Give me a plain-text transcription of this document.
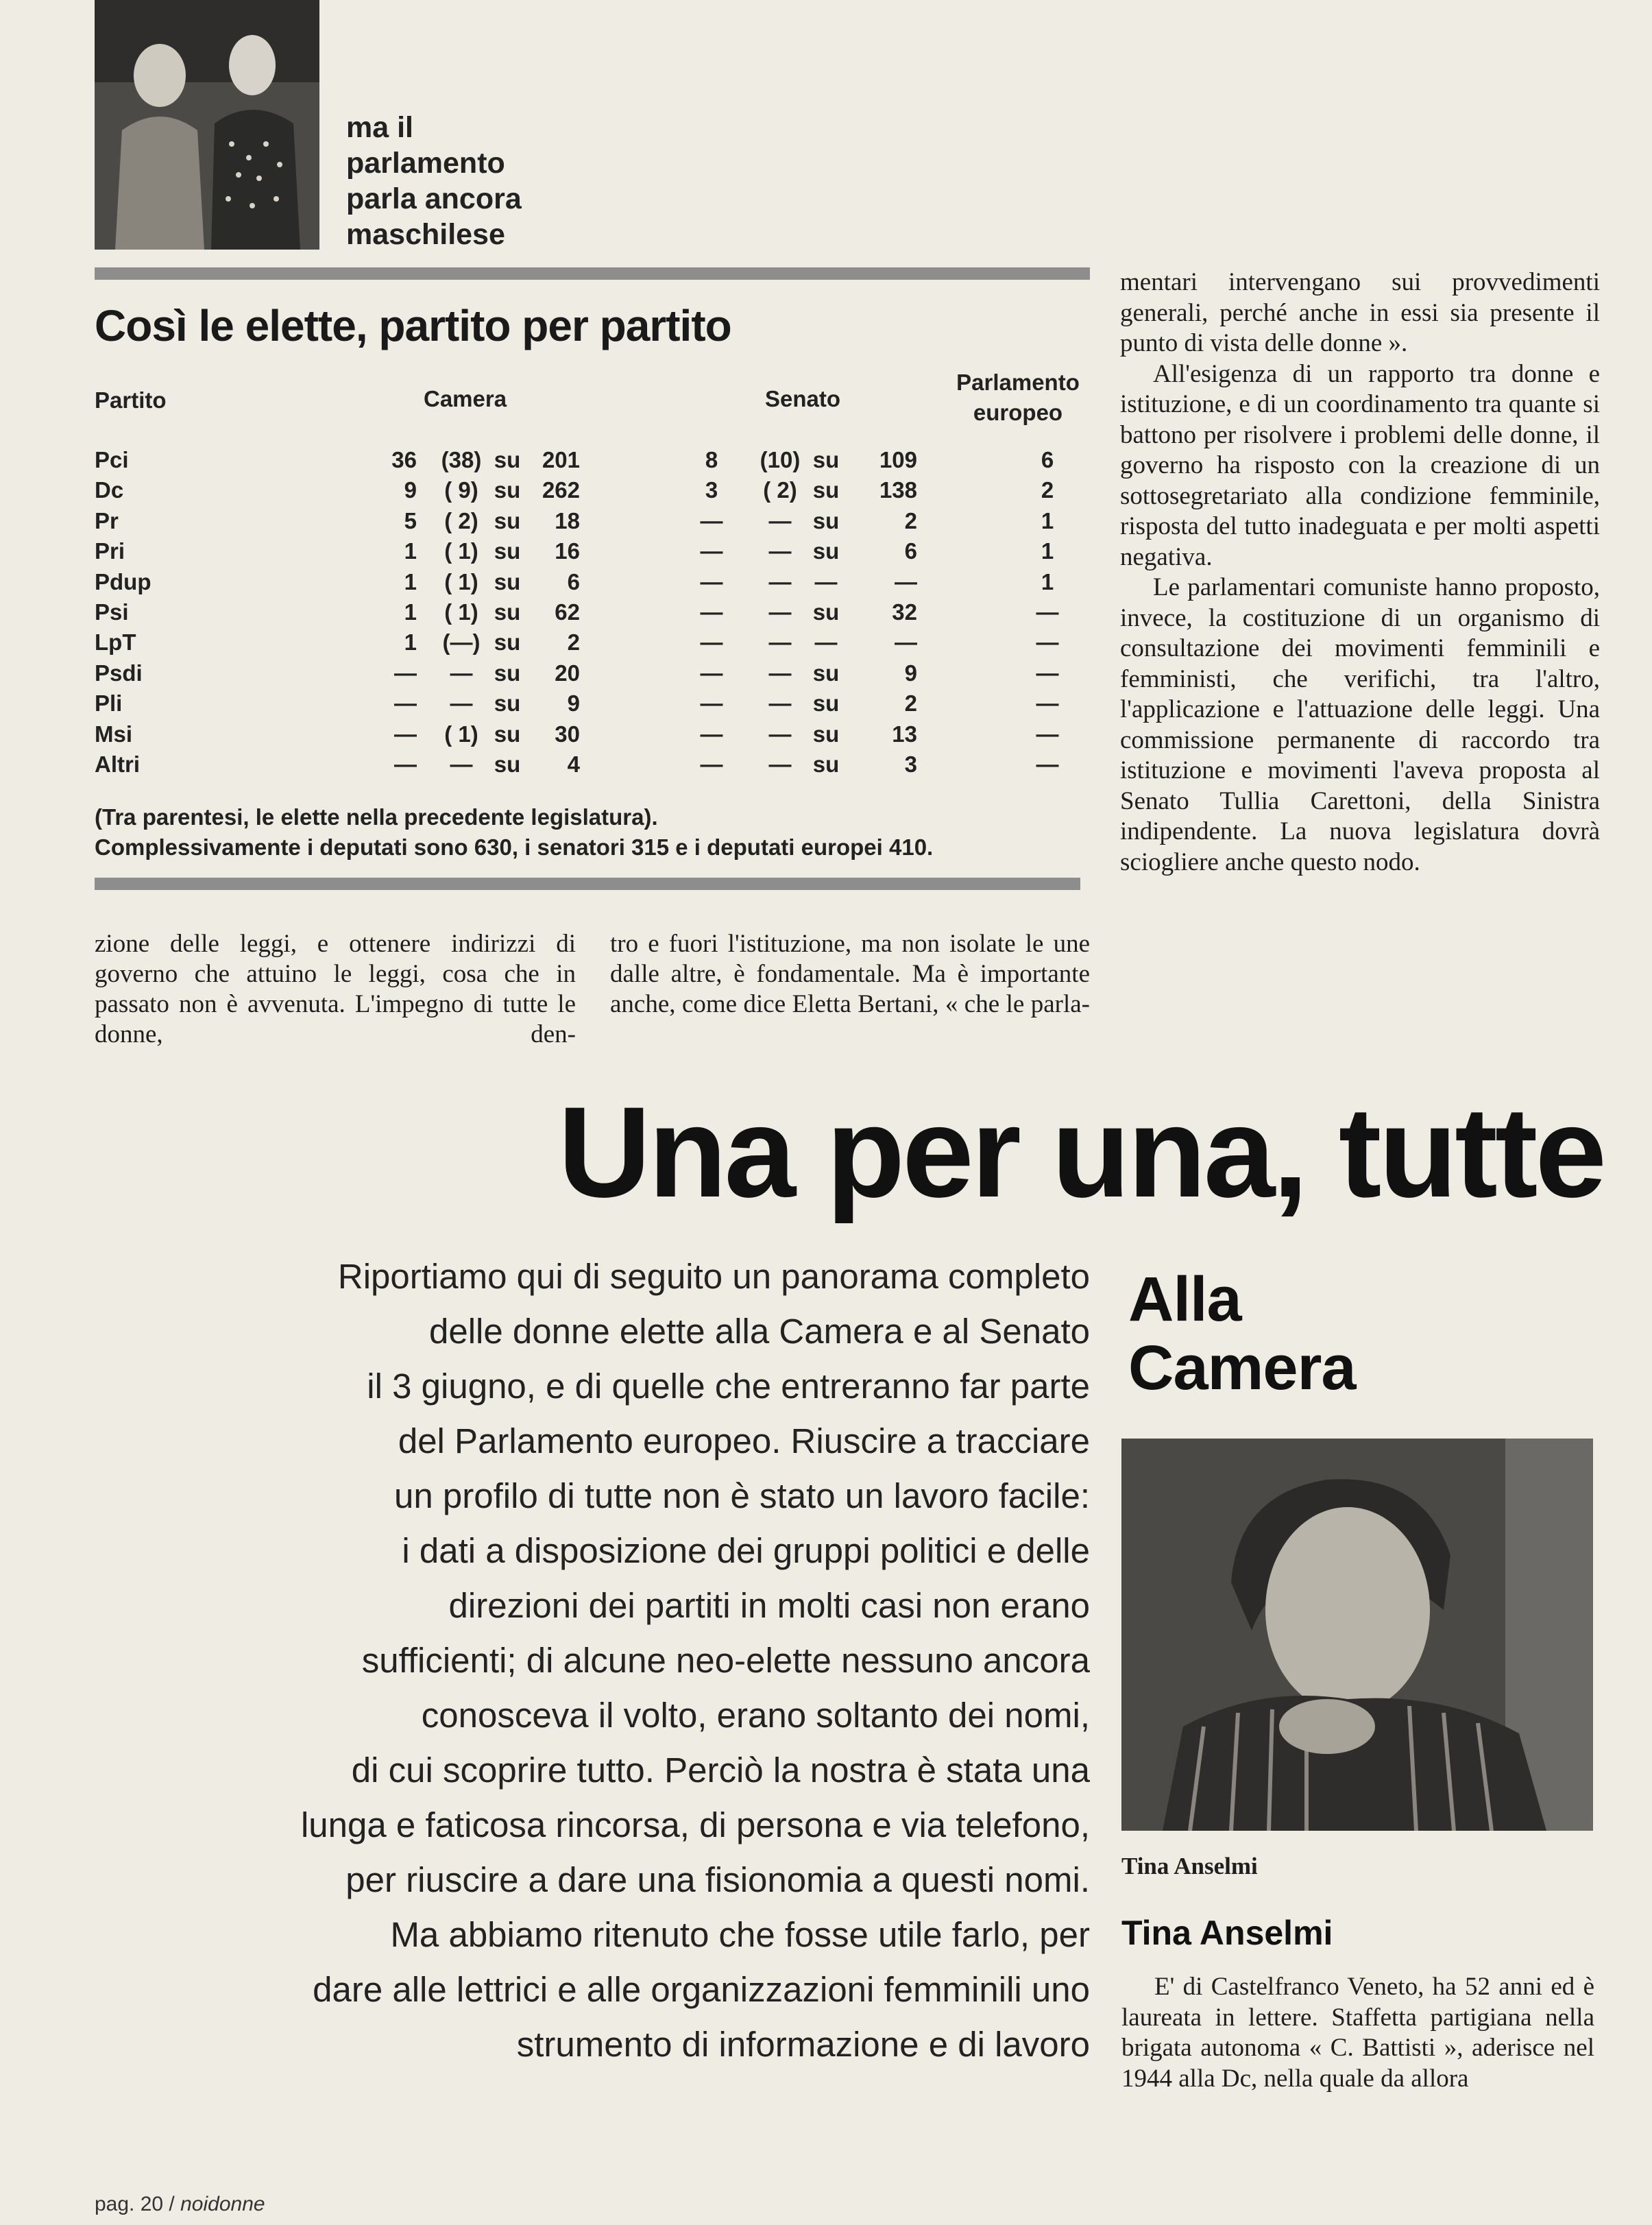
ma il
parlamento
parla ancora
maschilese
Così le elette, partito per partito
Partito	Camera	Senato
Parlamento
europeo
Pci	36	(38) su 201	8	(10) su	109	6
Dc	9	( 9) su 262	3	( 2) su	138	2
Pr	5	( 2) su	18	—	— su	2	1
Pri	1	( 1) su	16	—	— su	6	1
Pdup	1	( 1) su	6	—	—	—	—	1
Psi	1	( 1) su	62	—	— su	32	—
LpT	1	(—) su	2	—	—	—	—	—
Psdi	—	— su	20	—	— su	9	—
Pli	—	— su	9	—	— su	2	—
Msi	—	( 1) su	30	—	— su	13	—
Altri	—	— su	4	—	— su	3	—
(Tra parentesi, le elette nella precedente legislatura).
Complessivamente i deputati sono 630, i senatori 315 e i deputati europei 410.
zione delle leggi, e ottenere indirizzi di governo che attuino le leggi, cosa che in passato non è avvenuta. L'impegno di tutte le donne, den-
tro e fuori l'istituzione, ma non isolate le une dalle altre, è fondamentale. Ma è importante anche, come dice Eletta Bertani, « che le parla-

mentari intervengano sui provvedimenti generali, perché anche in essi sia presente il punto di vista delle donne ».

All'esigenza di un rapporto tra donne e istituzione, e di un coordinamento tra quante si battono per risolvere i problemi delle donne, il governo ha risposto con la creazione di un sottosegretariato alla condizione femminile, risposta del tutto inadeguata e per molti aspetti negativa.

Le parlamentari comuniste hanno proposto, invece, la costituzione di un organismo di consultazione dei movimenti femminili e femministi, che verifichi, tra l'altro, l'applicazione e l'attuazione delle leggi. Una commissione permanente di raccordo tra istituzione e movimenti l'aveva proposta al Senato Tullia Carettoni, della Sinistra indipendente. La nuova legislatura dovrà sciogliere anche questo nodo.

Una per una, tutte
Riportiamo qui di seguito un panorama completo
delle donne elette alla Camera e al Senato
il 3 giugno, e di quelle che entreranno far parte
del Parlamento europeo. Riuscire a tracciare
un profilo di tutte non è stato un lavoro facile:
i dati a disposizione dei gruppi politici e delle
direzioni dei partiti in molti casi non erano
sufficienti; di alcune neo-elette nessuno ancora
conosceva il volto, erano soltanto dei nomi,
di cui scoprire tutto. Perciò la nostra è stata una
lunga e faticosa rincorsa, di persona e via telefono,
per riuscire a dare una fisionomia a questi nomi.
Ma abbiamo ritenuto che fosse utile farlo, per
dare alle lettrici e alle organizzazioni femminili uno
strumento di informazione e di lavoro
Alla
Camera
Tina Anselmi
Tina Anselmi

E' di Castelfranco Veneto, ha 52 anni ed è laureata in lettere. Staffetta partigiana nella brigata autonoma « C. Battisti », aderisce nel 1944 alla Dc, nella quale da allora

pag. 20 / noidonne
